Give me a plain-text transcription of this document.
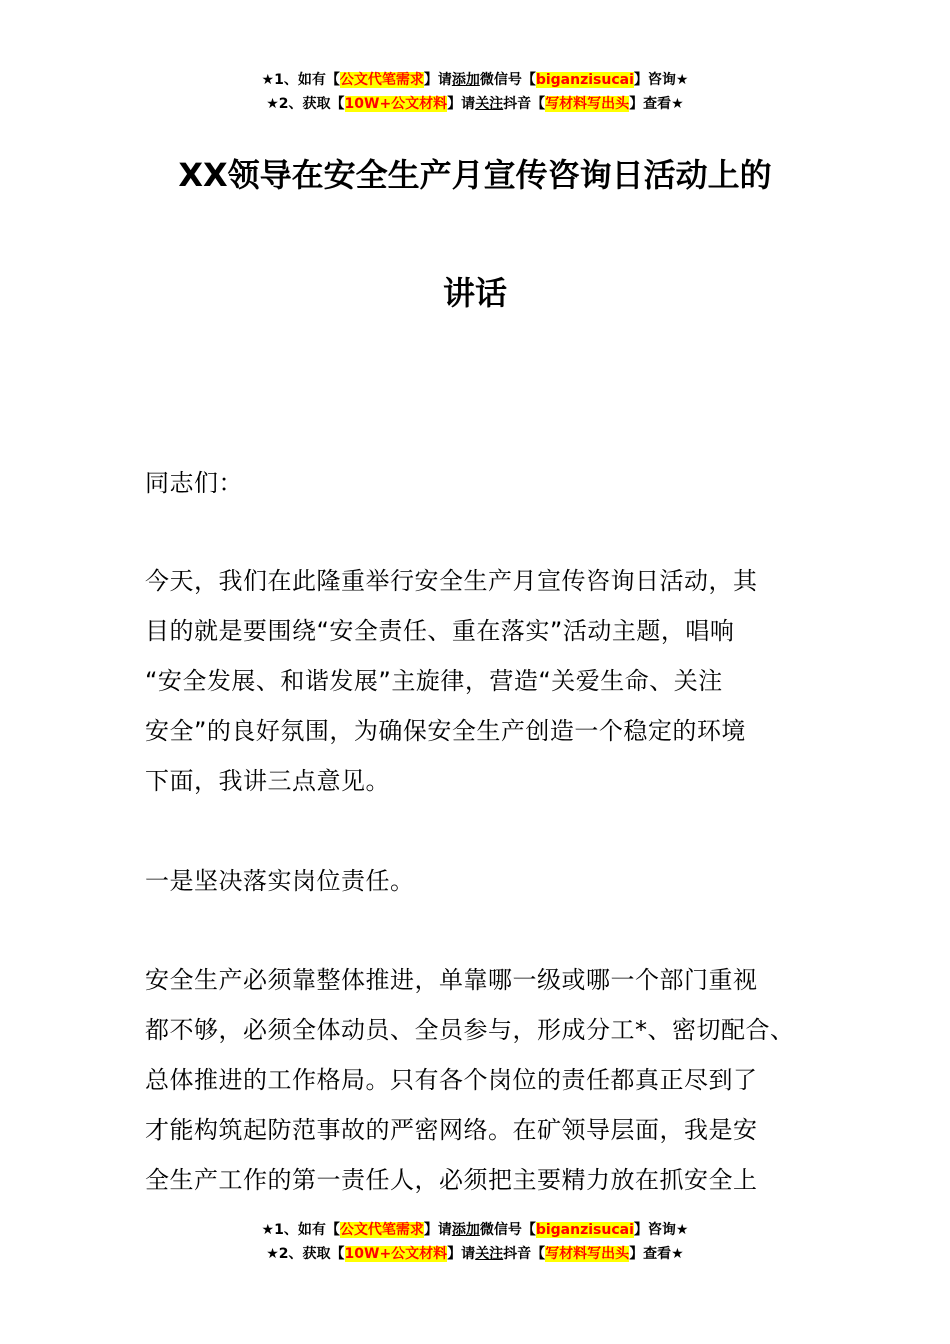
★1、如有【公文代笔需求】请添加微信号【biganzisucai】咨询★
★2、获取【10W+公文材料】请关注抖音【写材料写出头】查看★
XX领导在安全生产月宣传咨询日活动上的
讲话
同志们：
今天，我们在此隆重举行安全生产月宣传咨询日活动，其
目的就是要围绕“安全责任、重在落实”活动主题，唱响
“安全发展、和谐发展”主旋律，营造“关爱生命、关注
安全”的良好氛围，为确保安全生产创造一个稳定的环境
下面，我讲三点意见。
一是坚决落实岗位责任。
安全生产必须靠整体推进，单靠哪一级或哪一个部门重视
都不够，必须全体动员、全员参与，形成分工*、密切配合、
总体推进的工作格局。只有各个岗位的责任都真正尽到了
才能构筑起防范事故的严密网络。在矿领导层面，我是安
全生产工作的第一责任人，必须把主要精力放在抓安全上
★1、如有【公文代笔需求】请添加微信号【biganzisucai】咨询★
★2、获取【10W+公文材料】请关注抖音【写材料写出头】查看★
